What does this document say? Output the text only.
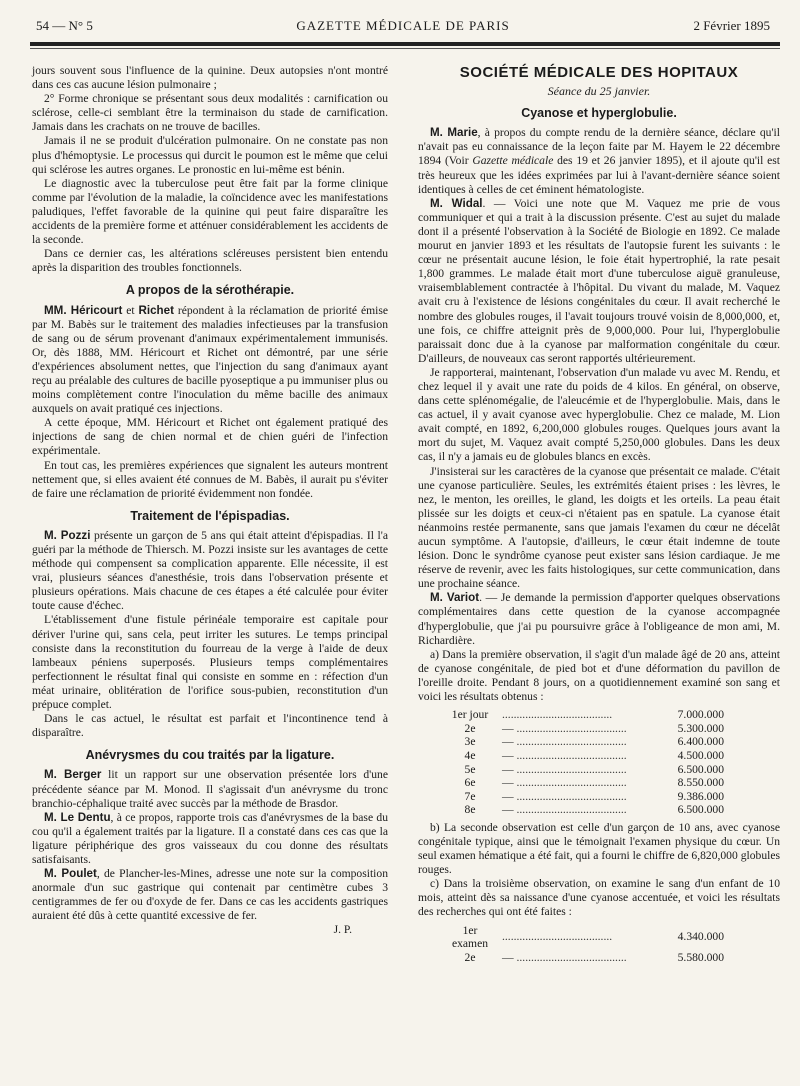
54 — N° 5	GAZETTE MÉDICALE DE PARIS	2 Février 1895

jours souvent sous l'influence de la quinine. Deux autopsies n'ont montré dans ces cas aucune lésion pulmonaire ;

2° Forme chronique se présentant sous deux modalités : carnification ou sclérose, celle-ci semblant être la terminaison du stade de carnification. Jamais dans les crachats on ne trouve de bacilles.

Jamais il ne se produit d'ulcération pulmonaire. On ne constate pas non plus d'hémoptysie. Le processus qui durcit le poumon est le même que celui qui sclérose les autres organes. Le pronostic en lui-même est bénin.

Le diagnostic avec la tuberculose peut être fait par la forme clinique comme par l'évolution de la maladie, la coïncidence avec les manifestations paludiques, l'effet favorable de la quinine qui peut faire disparaître les accidents de la première forme et atténuer considérablement les accidents de la seconde.

Dans ce dernier cas, les altérations scléreuses persistent bien entendu après la disparition des troubles fonctionnels.

A propos de la sérothérapie.

MM. Héricourt et Richet répondent à la réclamation de priorité émise par M. Babès sur le traitement des maladies infectieuses par la transfusion de sang ou de sérum provenant d'animaux expérimentalement immunisés. Or, dès 1888, MM. Héricourt et Richet ont démontré, par une série d'expériences absolument nettes, que l'injection du sang d'animaux ayant reçu au préalable des cultures de bacille pyoseptique a pu immuniser plus ou moins complètement contre l'inoculation du même bacille des animaux auxquels on avait pratiqué ces injections.

A cette époque, MM. Héricourt et Richet ont également pratiqué des injections de sang de chien normal et de chien guéri de l'infection expérimentale.

En tout cas, les premières expériences que signalent les auteurs montrent nettement que, si elles avaient été connues de M. Babès, il aurait pu s'éviter de faire une réclamation de priorité évidemment non fondée.

Traitement de l'épispadias.

M. Pozzi présente un garçon de 5 ans qui était atteint d'épispadias. Il l'a guéri par la méthode de Thiersch. M. Pozzi insiste sur les avantages de cette méthode qui compensent sa complication apparente. Elle nécessite, il est vrai, plusieurs séances d'anesthésie, trois dans l'observation présente et plusieurs opérations. Mais chacune de ces étapes a été calculée pour éviter toute cause d'échec.

L'établissement d'une fistule périnéale temporaire est capitale pour dériver l'urine qui, sans cela, peut irriter les sutures. Le temps principal consiste dans la reconstitution du fourreau de la verge à l'aide de deux lambeaux péniens superposés. Plusieurs temps complémentaires perfectionnent le résultat final qui consiste en somme en : réfection d'un méat urinaire, oblitération de l'orifice sous-pubien, reconstitution d'un prépuce complet.

Dans le cas actuel, le résultat est parfait et l'incontinence tend à disparaître.

Anévrysmes du cou traités par la ligature.

M. Berger lit un rapport sur une observation présentée lors d'une précédente séance par M. Monod. Il s'agissait d'un anévrysme du tronc branchio-céphalique traité avec succès par la méthode de Brasdor.

M. Le Dentu, à ce propos, rapporte trois cas d'anévrysmes de la base du cou qu'il a également traités par la ligature. Il a constaté dans ces cas que la ligature périphérique des gros vaisseaux du cou donne des résultats satisfaisants.

M. Poulet, de Plancher-les-Mines, adresse une note sur la composition anormale d'un suc gastrique qui contenait par centimètre cubes 3 centigrammes de fer ou d'oxyde de fer. Dans ce cas les accidents gastriques auraient été dûs à cette quantité excessive de fer.

J. P.
SOCIÉTÉ MÉDICALE DES HOPITAUX
Séance du 25 janvier.
Cyanose et hyperglobulie.

M. Marie, à propos du compte rendu de la dernière séance, déclare qu'il n'avait pas eu connaissance de la leçon faite par M. Hayem le 22 décembre 1894 (Voir Gazette médicale des 19 et 26 janvier 1895), et il ajoute qu'il est très heureux que les idées exprimées par lui à l'avant-dernière séance soient identiques à celles de cet éminent hématologiste.

M. Widal. — Voici une note que M. Vaquez me prie de vous communiquer et qui a trait à la discussion présente. C'est au sujet du malade dont il a présenté l'observation à la Société de Biologie en 1892. Ce malade mourut en janvier 1893 et les résultats de l'autopsie furent les suivants : le cœur ne présentait aucune lésion, le foie était hypertrophié, la rate pesait 1,800 grammes. Le malade était mort d'une tuberculose aiguë granuleuse, vraisemblablement contractée à l'hôpital. Du vivant du malade, M. Vaquez avait cru à l'existence de lésions congénitales du cœur. Il avait recherché le nombre des globules rouges, il l'avait toujours trouvé voisin de 8,000,000, et, une fois, ce chiffre atteignit près de 9,000,000. Pour lui, l'hyperglobulie paraissait donc due à la cyanose par malformation congénitale du cœur. D'ailleurs, de nouveaux cas seront rapportés ultérieurement.

Je rapporterai, maintenant, l'observation d'un malade vu avec M. Rendu, et chez lequel il y avait une rate du poids de 4 kilos. En général, on observe, dans cette splénomégalie, de l'aleucémie et de l'hyperglobulie. Mais, dans le cas actuel, il y avait cyanose avec hyperglobulie. Chez ce malade, M. Lion avait compté, en 1892, 6,200,000 globules rouges. Quelques jours avant la mort du sujet, M. Vaquez avait compté 5,250,000 globules. Dans les deux cas, il n'y a jamais eu de globules blancs en excès.

J'insisterai sur les caractères de la cyanose que présentait ce malade. C'était une cyanose particulière. Seules, les extrémités étaient prises : les lèvres, le nez, le menton, les oreilles, le gland, les doigts et les orteils. La peau était plissée sur les doigts et ceux-ci n'étaient pas en spatule. La cyanose était néanmoins restée permanente, sans que jamais l'examen du cœur ne décelât aucun symptôme. A l'autopsie, d'ailleurs, le cœur était indemne de toute lésion. Donc le syndrôme cyanose peut exister sans lésion cardiaque. Je me réserve de revenir, avec les faits histologiques, sur cette communication, dans une prochaine séance.

M. Variot. — Je demande la permission d'apporter quelques observations complémentaires dans cette question de la cyanose accompagnée d'hyperglobulie, que j'ai pu poursuivre grâce à l'obligeance de mon ami, M. Richardière.

a) Dans la première observation, il s'agit d'un malade âgé de 20 ans, atteint de cyanose congénitale, de pied bot et d'une déformation du pavillon de l'oreille droite. Pendant 8 jours, on a quotidiennement examiné son sang et voici les résultats obtenus :

1er jour	......................................	7.000.000
2e	— ......................................	5.300.000
3e	— ......................................	6.400.000
4e	— ......................................	4.500.000
5e	— ......................................	6.500.000
6e	— ......................................	8.550.000
7e	— ......................................	9.386.000
8e	— ......................................	6.500.000

b) La seconde observation est celle d'un garçon de 10 ans, avec cyanose congénitale typique, ainsi que le témoignait l'examen physique du cœur. Un seul examen hématique a été fait, qui a fourni le chiffre de 6,820,000 globules rouges.

c) Dans la troisième observation, on examine le sang d'un enfant de 10 mois, atteint dès sa naissance d'une cyanose accentuée, et voici les résultats des recherches qui ont été faites :

1er examen	......................................	4.340.000
2e	— ......................................	5.580.000
